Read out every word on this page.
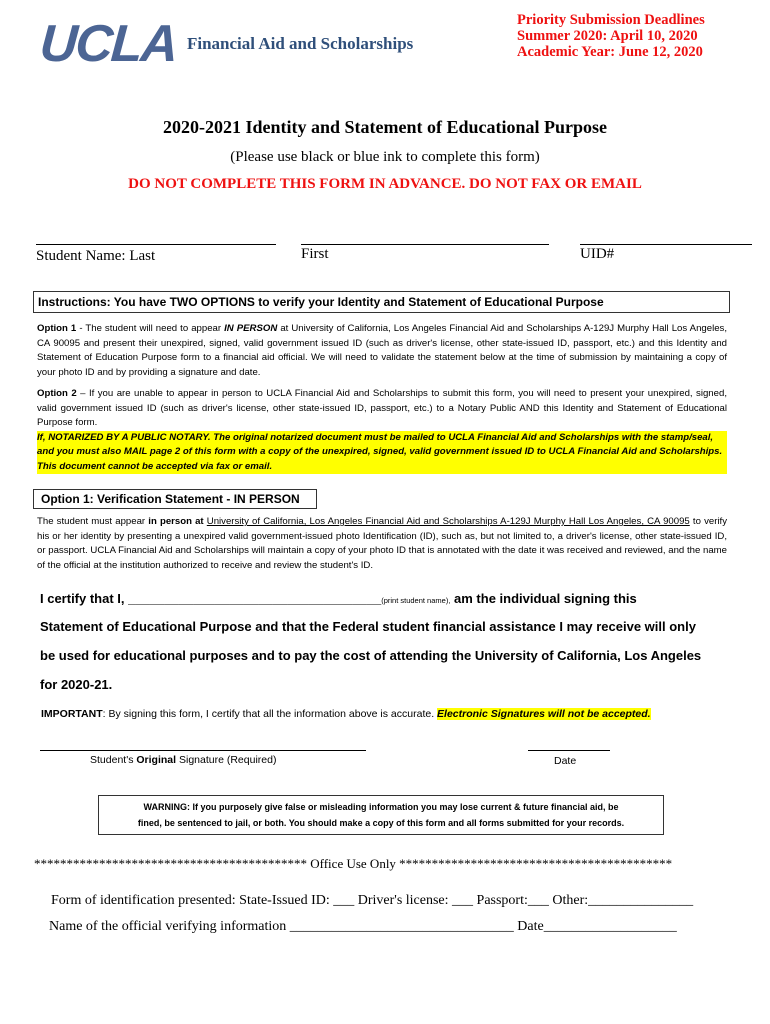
UCLA Financial Aid and Scholarships
Priority Submission Deadlines
Summer 2020: April 10, 2020
Academic Year: June 12, 2020
2020-2021 Identity and Statement of Educational Purpose
(Please use black or blue ink to complete this form)
DO NOT COMPLETE THIS FORM IN ADVANCE. DO NOT FAX OR EMAIL
Student Name: Last	First	UID#
Instructions: You have TWO OPTIONS to verify your Identity and Statement of Educational Purpose
Option 1 - The student will need to appear IN PERSON at University of California, Los Angeles Financial Aid and Scholarships A-129J Murphy Hall Los Angeles, CA 90095 and present their unexpired, signed, valid government issued ID (such as driver's license, other state-issued ID, passport, etc.) and this Identity and Statement of Education Purpose form to a financial aid official. We will need to validate the statement below at the time of submission by maintaining a copy of your photo ID and by providing a signature and date.
Option 2 – If you are unable to appear in person to UCLA Financial Aid and Scholarships to submit this form, you will need to present your unexpired, signed, valid government issued ID (such as driver's license, other state-issued ID, passport, etc.) to a Notary Public AND this Identity and Statement of Educational Purpose form.
If, NOTARIZED BY A PUBLIC NOTARY. The original notarized document must be mailed to UCLA Financial Aid and Scholarships with the stamp/seal, and you must also MAIL page 2 of this form with a copy of the unexpired, signed, valid government issued ID to UCLA Financial Aid and Scholarships. This document cannot be accepted via fax or email.
Option 1: Verification Statement - IN PERSON
The student must appear in person at University of California, Los Angeles Financial Aid and Scholarships A-129J Murphy Hall Los Angeles, CA 90095 to verify his or her identity by presenting a unexpired valid government-issued photo Identification (ID), such as, but not limited to, a driver's license, other state-issued ID, or passport. UCLA Financial Aid and Scholarships will maintain a copy of your photo ID that is annotated with the date it was received and reviewed, and the name of the official at the institution authorized to receive and review the student's ID.
I certify that I, ___________________________________(print student name), am the individual signing this
Statement of Educational Purpose and that the Federal student financial assistance I may receive will only
be used for educational purposes and to pay the cost of attending the University of California, Los Angeles
for 2020-21.
IMPORTANT: By signing this form, I certify that all the information above is accurate. Electronic Signatures will not be accepted.
Student's Original Signature (Required)	Date
WARNING: If you purposely give false or misleading information you may lose current & future financial aid, be
fined, be sentenced to jail, or both. You should make a copy of this form and all forms submitted for your records.
****************************************** Office Use Only ******************************************
Form of identification presented: State-Issued ID: ___ Driver's license: ___ Passport:___ Other:_______________
Name of the official verifying information ________________________________ Date___________________
